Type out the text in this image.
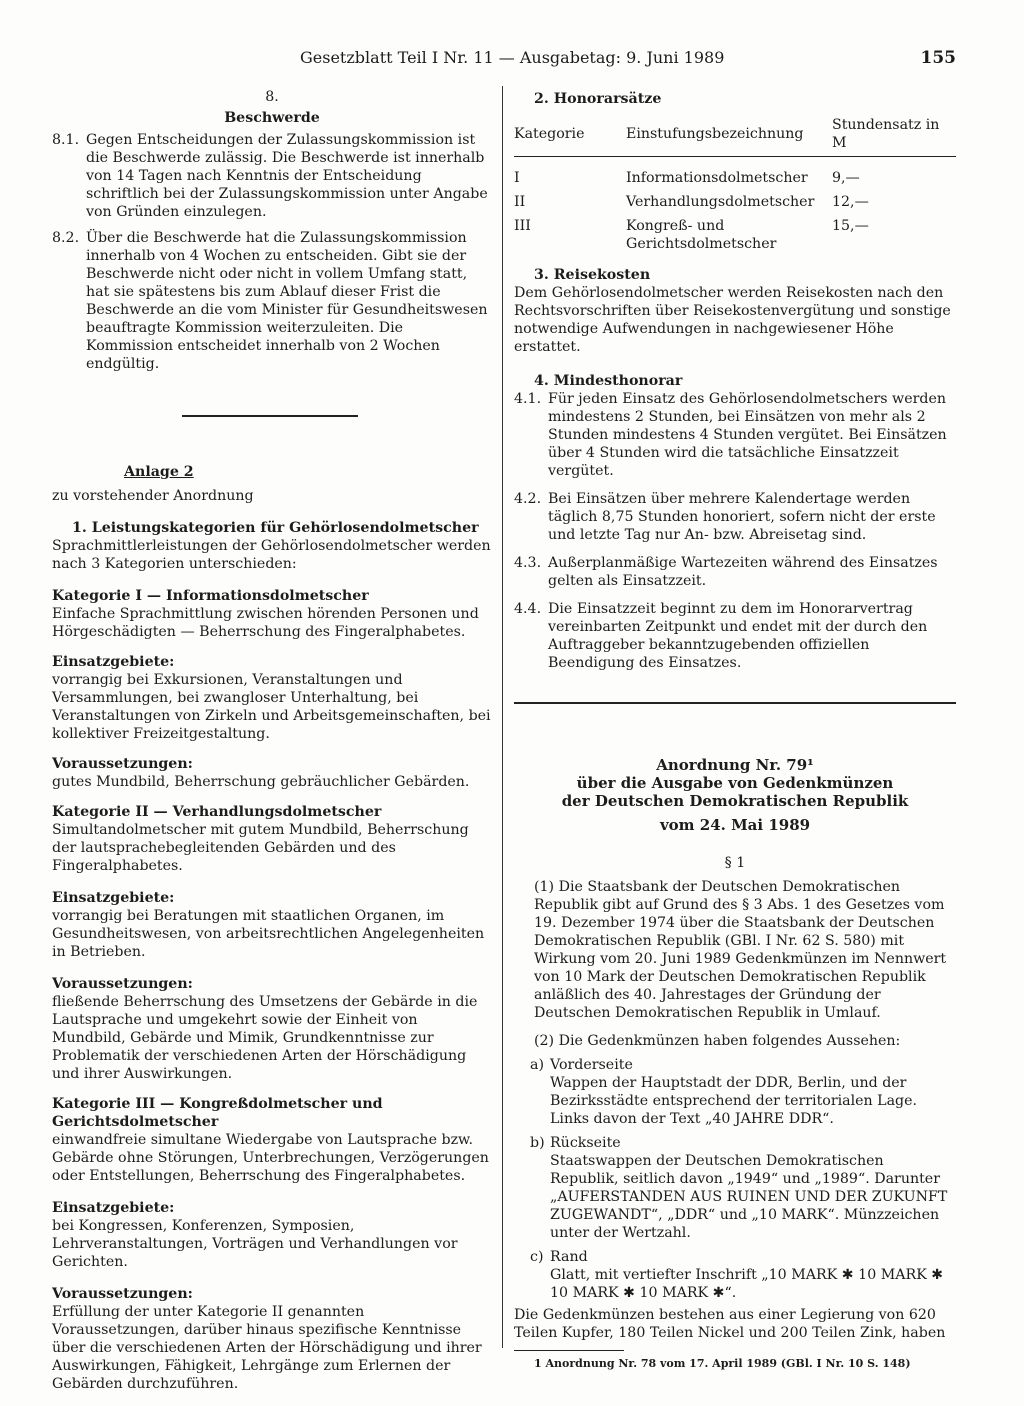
Gesetzblatt Teil I Nr. 11 — Ausgabetag: 9. Juni 1989	155

8.

Beschwerde

8.1. Gegen Entscheidungen der Zulassungskommission ist die Beschwerde zulässig. Die Beschwerde ist innerhalb von 14 Tagen nach Kenntnis der Entscheidung schriftlich bei der Zulassungskommission unter Angabe von Gründen einzulegen.
8.2. Über die Beschwerde hat die Zulassungskommission innerhalb von 4 Wochen zu entscheiden. Gibt sie der Beschwerde nicht oder nicht in vollem Umfang statt, hat sie spätestens bis zum Ablauf dieser Frist die Beschwerde an die vom Minister für Gesundheitswesen beauftragte Kommission weiterzuleiten. Die Kommission entscheidet innerhalb von 2 Wochen endgültig.

Anlage 2

zu vorstehender Anordnung

1. Leistungskategorien für Gehörlosendolmetscher

Sprachmittlerleistungen der Gehörlosendolmetscher werden nach 3 Kategorien unterschieden:

Kategorie I — Informationsdolmetscher

Einfache Sprachmittlung zwischen hörenden Personen und Hörgeschädigten — Beherrschung des Fingeralphabetes.

Einsatzgebiete:

vorrangig bei Exkursionen, Veranstaltungen und Versammlungen, bei zwangloser Unterhaltung, bei Veranstaltungen von Zirkeln und Arbeitsgemeinschaften, bei kollektiver Freizeitgestaltung.

Voraussetzungen:

gutes Mundbild, Beherrschung gebräuchlicher Gebärden.

Kategorie II — Verhandlungsdolmetscher

Simultandolmetscher mit gutem Mundbild, Beherrschung der lautsprachebegleitenden Gebärden und des Fingeralphabetes.

Einsatzgebiete:

vorrangig bei Beratungen mit staatlichen Organen, im Gesundheitswesen, von arbeitsrechtlichen Angelegenheiten in Betrieben.

Voraussetzungen:

fließende Beherrschung des Umsetzens der Gebärde in die Lautsprache und umgekehrt sowie der Einheit von Mundbild, Gebärde und Mimik, Grundkenntnisse zur Problematik der verschiedenen Arten der Hörschädigung und ihrer Auswirkungen.

Kategorie III — Kongreßdolmetscher und Gerichtsdolmetscher

einwandfreie simultane Wiedergabe von Lautsprache bzw. Gebärde ohne Störungen, Unterbrechungen, Verzögerungen oder Entstellungen, Beherrschung des Fingeralphabetes.

Einsatzgebiete:

bei Kongressen, Konferenzen, Symposien, Lehrveranstaltungen, Vorträgen und Verhandlungen vor Gerichten.

Voraussetzungen:

Erfüllung der unter Kategorie II genannten Voraussetzungen, darüber hinaus spezifische Kenntnisse über die verschiedenen Arten der Hörschädigung und ihrer Auswirkungen, Fähigkeit, Lehrgänge zum Erlernen der Gebärden durchzuführen.

2. Honorarsätze

Kategorie	Einstufungsbezeichnung	Stundensatz in M
I	Informationsdolmetscher	9,—
II	Verhandlungsdolmetscher	12,—
III	Kongreß- und Gerichtsdolmetscher	15,—

3. Reisekosten

Dem Gehörlosendolmetscher werden Reisekosten nach den Rechtsvorschriften über Reisekostenvergütung und sonstige notwendige Aufwendungen in nachgewiesener Höhe erstattet.

4. Mindesthonorar

4.1. Für jeden Einsatz des Gehörlosendolmetschers werden mindestens 2 Stunden, bei Einsätzen von mehr als 2 Stunden mindestens 4 Stunden vergütet. Bei Einsätzen über 4 Stunden wird die tatsächliche Einsatzzeit vergütet.
4.2. Bei Einsätzen über mehrere Kalendertage werden täglich 8,75 Stunden honoriert, sofern nicht der erste und letzte Tag nur An- bzw. Abreisetag sind.
4.3. Außerplanmäßige Wartezeiten während des Einsatzes gelten als Einsatzzeit.
4.4. Die Einsatzzeit beginnt zu dem im Honorarvertrag vereinbarten Zeitpunkt und endet mit der durch den Auftraggeber bekanntzugebenden offiziellen Beendigung des Einsatzes.

Anordnung Nr. 79¹

über die Ausgabe von Gedenkmünzen

der Deutschen Demokratischen Republik

vom 24. Mai 1989

§ 1

(1) Die Staatsbank der Deutschen Demokratischen Republik gibt auf Grund des § 3 Abs. 1 des Gesetzes vom 19. Dezember 1974 über die Staatsbank der Deutschen Demokratischen Republik (GBl. I Nr. 62 S. 580) mit Wirkung vom 20. Juni 1989 Gedenkmünzen im Nennwert von 10 Mark der Deutschen Demokratischen Republik anläßlich des 40. Jahrestages der Gründung der Deutschen Demokratischen Republik in Umlauf.

(2) Die Gedenkmünzen haben folgendes Aussehen:

a) Vorderseite
Wappen der Hauptstadt der DDR, Berlin, und der Bezirksstädte entsprechend der territorialen Lage. Links davon der Text „40 JAHRE DDR“.
b) Rückseite
Staatswappen der Deutschen Demokratischen Republik, seitlich davon „1949“ und „1989“. Darunter „AUFERSTANDEN AUS RUINEN UND DER ZUKUNFT ZUGEWANDT“, „DDR“ und „10 MARK“. Münzzeichen unter der Wertzahl.
c) Rand
Glatt, mit vertiefter Inschrift „10 MARK ✱ 10 MARK ✱ 10 MARK ✱ 10 MARK ✱“.

Die Gedenkmünzen bestehen aus einer Legierung von 620 Teilen Kupfer, 180 Teilen Nickel und 200 Teilen Zink, haben

1 Anordnung Nr. 78 vom 17. April 1989 (GBl. I Nr. 10 S. 148)
